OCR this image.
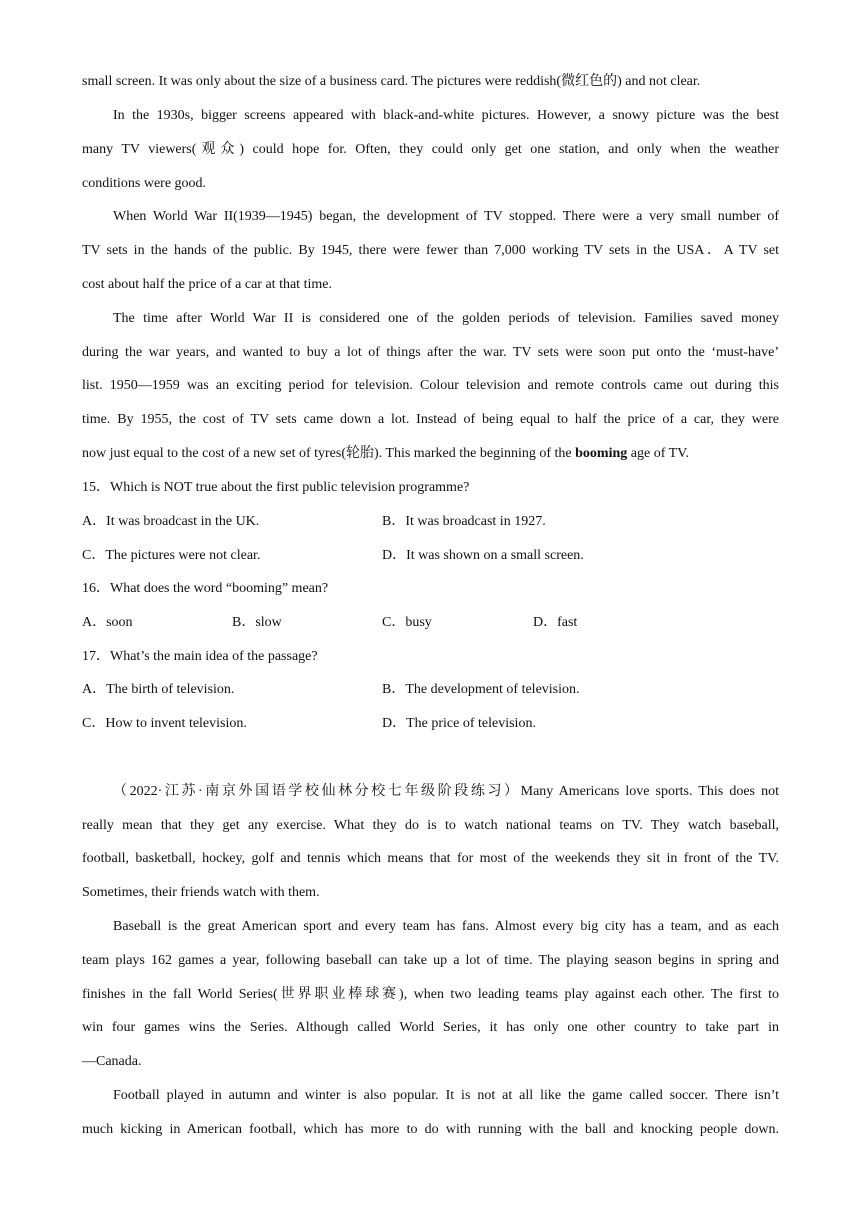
small screen. It was only about the size of a business card. The pictures were reddish(微红色的) and not clear.
In the 1930s, bigger screens appeared with black-and-white pictures. However, a snowy picture was the best
many TV viewers(观众) could hope for. Often, they could only get one station, and only when the weather
conditions were good.
When World War II(1939—1945) began, the development of TV stopped. There were a very small number of
TV sets in the hands of the public. By 1945, there were fewer than 7,000 working TV sets in the USA．A TV set
cost about half the price of a car at that time.
The time after World War II is considered one of the golden periods of television. Families saved money
during the war years, and wanted to buy a lot of things after the war. TV sets were soon put onto the ‘must-have’
list. 1950—1959 was an exciting period for television. Colour television and remote controls came out during this
time. By 1955, the cost of TV sets came down a lot. Instead of being equal to half the price of a car, they were
now just equal to the cost of a new set of tyres(轮胎). This marked the beginning of the booming age of TV.
15．Which is NOT true about the first public television programme?
A．It was broadcast in the UK.	B．It was broadcast in 1927.
C．The pictures were not clear.	D．It was shown on a small screen.
16．What does the word “booming” mean?
A．soon	B．slow	C．busy	D．fast
17．What’s the main idea of the passage?
A．The birth of television.	B．The development of television.
C．How to invent television.	D．The price of television.
（2022·江苏·南京外国语学校仙林分校七年级阶段练习）Many Americans love sports. This does not
really mean that they get any exercise. What they do is to watch national teams on TV. They watch baseball,
football, basketball, hockey, golf and tennis which means that for most of the weekends they sit in front of the TV.
Sometimes, their friends watch with them.
Baseball is the great American sport and every team has fans. Almost every big city has a team, and as each
team plays 162 games a year, following baseball can take up a lot of time. The playing season begins in spring and
finishes in the fall World Series(世界职业棒球赛), when two leading teams play against each other. The first to
win four games wins the Series. Although called World Series, it has only one other country to take part in
—Canada.
Football played in autumn and winter is also popular. It is not at all like the game called soccer. There isn’t
much kicking in American football, which has more to do with running with the ball and knocking people down.
